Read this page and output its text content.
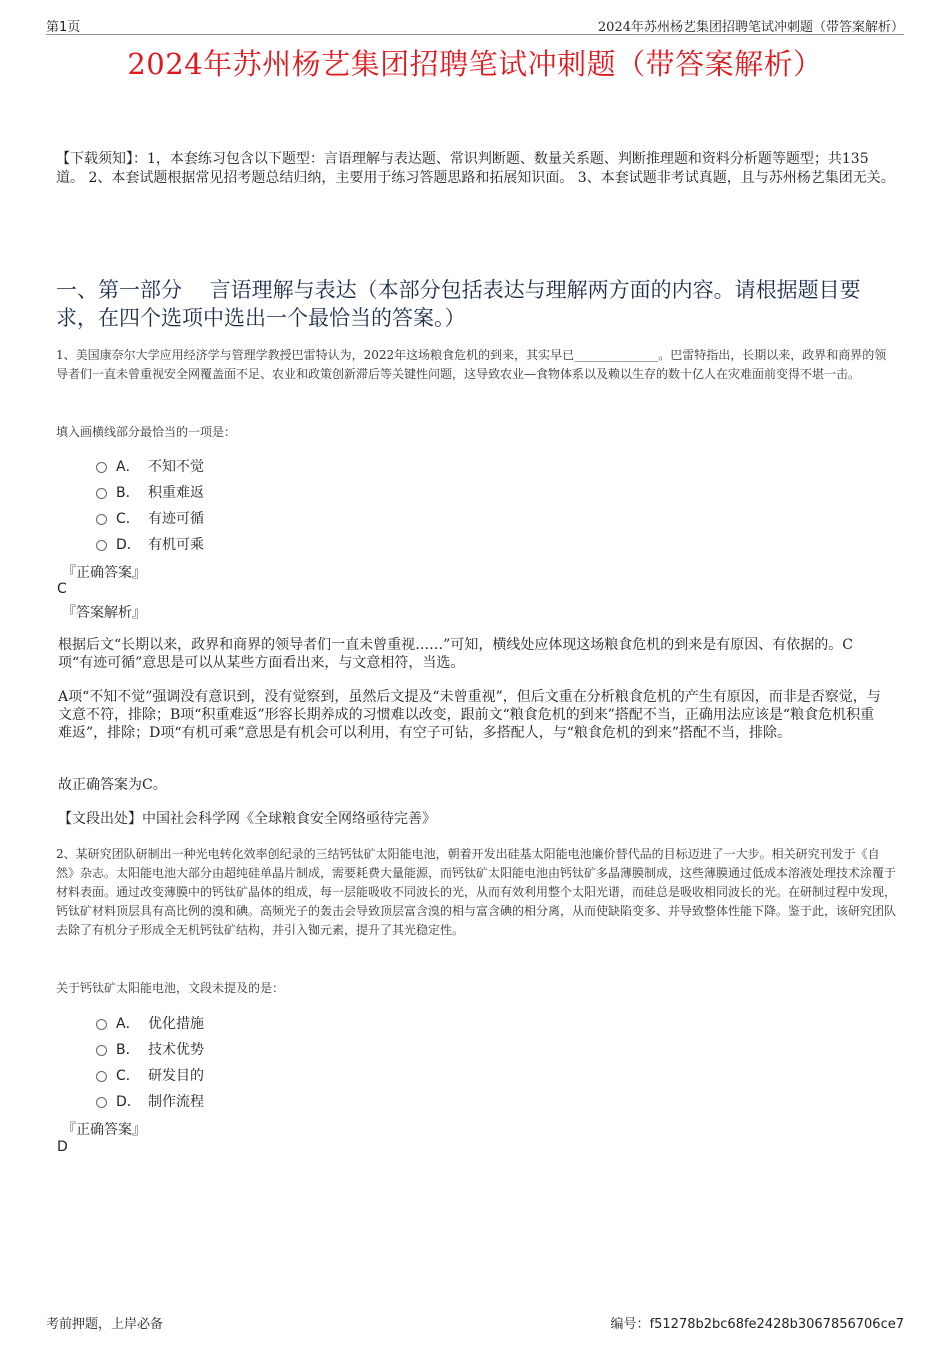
第1页	2024年苏州杨艺集团招聘笔试冲刺题（带答案解析）
2024年苏州杨艺集团招聘笔试冲刺题（带答案解析）
【下载须知】：1，本套练习包含以下题型：言语理解与表达题、常识判断题、数量关系题、判断推理题和资料分析题等题型；共135道。 2、本套试题根据常见招考题总结归纳，主要用于练习答题思路和拓展知识面。 3、本套试题非考试真题，且与苏州杨艺集团无关。
一、第一部分　 言语理解与表达（本部分包括表达与理解两方面的内容。请根据题目要求，在四个选项中选出一个最恰当的答案。）
1、美国康奈尔大学应用经济学与管理学教授巴雷特认为，2022年这场粮食危机的到来，其实早已______________。巴雷特指出，长期以来，政界和商界的领导者们一直未曾重视安全网覆盖面不足、农业和政策创新滞后等关键性问题，这导致农业—食物体系以及赖以生存的数十亿人在灾难面前变得不堪一击。
填入画横线部分最恰当的一项是：
A． 不知不觉
B． 积重难返
C． 有迹可循
D． 有机可乘
『正确答案』
C
『答案解析』
根据后文“长期以来，政界和商界的领导者们一直未曾重视……”可知，横线处应体现这场粮食危机的到来是有原因、有依据的。C项“有迹可循”意思是可以从某些方面看出来，与文意相符，当选。
A项“不知不觉”强调没有意识到，没有觉察到，虽然后文提及“未曾重视”，但后文重在分析粮食危机的产生有原因，而非是否察觉，与文意不符，排除；B项“积重难返”形容长期养成的习惯难以改变，跟前文“粮食危机的到来”搭配不当，正确用法应该是“粮食危机积重难返”，排除；D项“有机可乘”意思是有机会可以利用，有空子可钻，多搭配人，与“粮食危机的到来”搭配不当，排除。
故正确答案为C。
【文段出处】中国社会科学网《全球粮食安全网络亟待完善》
2、某研究团队研制出一种光电转化效率创纪录的三结钙钛矿太阳能电池，朝着开发出硅基太阳能电池廉价替代品的目标迈进了一大步。相关研究刊发于《自然》杂志。太阳能电池大部分由超纯硅单晶片制成，需要耗费大量能源，而钙钛矿太阳能电池由钙钛矿多晶薄膜制成，这些薄膜通过低成本溶液处理技术涂覆于材料表面。通过改变薄膜中的钙钛矿晶体的组成，每一层能吸收不同波长的光，从而有效利用整个太阳光谱，而硅总是吸收相同波长的光。在研制过程中发现，钙钛矿材料顶层具有高比例的溴和碘。高频光子的轰击会导致顶层富含溴的相与富含碘的相分离，从而使缺陷变多、并导致整体性能下降。鉴于此，该研究团队去除了有机分子形成全无机钙钛矿结构，并引入铷元素，提升了其光稳定性。
关于钙钛矿太阳能电池，文段未提及的是：
A． 优化措施
B． 技术优势
C． 研发目的
D． 制作流程
『正确答案』
D
考前押题，上岸必备	编号：f51278b2bc68fe2428b3067856706ce7
